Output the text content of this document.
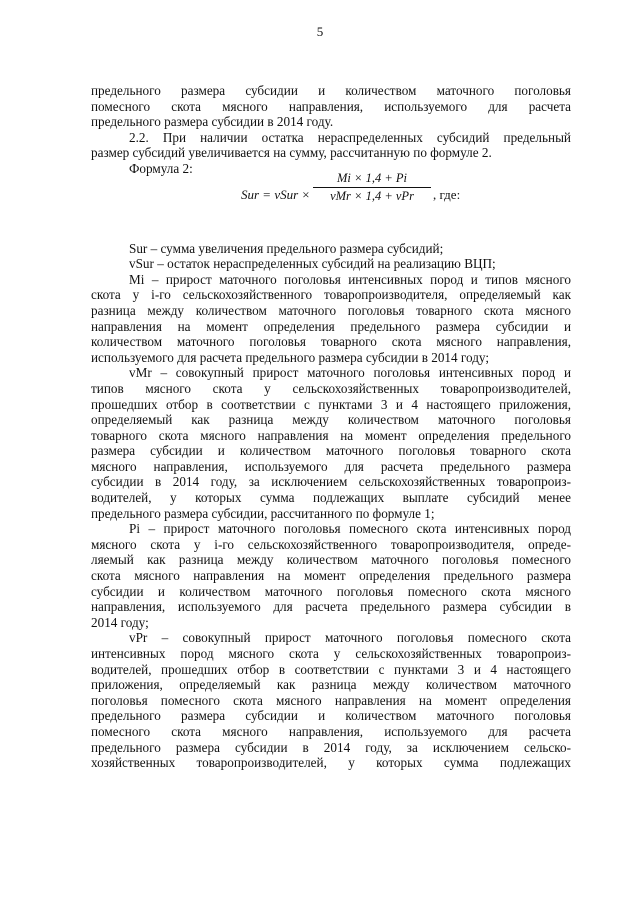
5

предельного размера субсидии и количеством маточного поголовья

помесного скота мясного направления, используемого для расчета

предельного размера субсидии в 2014 году.

2.2. При наличии остатка нераспределенных субсидий предельный

размер субсидий увеличивается на сумму, рассчитанную по формуле 2.

Формула 2:

Sur = vSur ×
Mi × 1,4 + Pi
vMr × 1,4 + vPr	, где:

Sur – сумма увеличения предельного размера субсидий;

vSur – остаток нераспределенных субсидий на реализацию ВЦП;

Mi – прирост маточного поголовья интенсивных пород и типов мясного

скота у i-го сельскохозяйственного товаропроизводителя, определяемый как

разница между количеством маточного поголовья товарного скота мясного

направления на момент определения предельного размера субсидии и

количеством маточного поголовья товарного скота мясного направления,

используемого для расчета предельного размера субсидии в 2014 году;

vMr – совокупный прирост маточного поголовья интенсивных пород и

типов мясного скота у сельскохозяйственных товаропроизводителей,

прошедших отбор в соответствии с пунктами 3 и 4 настоящего приложения,

определяемый как разница между количеством маточного поголовья

товарного скота мясного направления на момент определения предельного

размера субсидии и количеством маточного поголовья товарного скота

мясного направления, используемого для расчета предельного размера

субсидии в 2014 году, за исключением сельскохозяйственных товаропроиз-

водителей, у которых сумма подлежащих выплате субсидий менее

предельного размера субсидии, рассчитанного по формуле 1;

Pi – прирост маточного поголовья помесного скота интенсивных пород

мясного скота у i-го сельскохозяйственного товаропроизводителя, опреде-

ляемый как разница между количеством маточного поголовья помесного

скота мясного направления на момент определения предельного размера

субсидии и количеством маточного поголовья помесного скота мясного

направления, используемого для расчета предельного размера субсидии в

2014 году;

vPr – совокупный прирост маточного поголовья помесного скота

интенсивных пород мясного скота у сельскохозяйственных товаропроиз-

водителей, прошедших отбор в соответствии с пунктами 3 и 4 настоящего

приложения, определяемый как разница между количеством маточного

поголовья помесного скота мясного направления на момент определения

предельного размера субсидии и количеством маточного поголовья

помесного скота мясного направления, используемого для расчета

предельного размера субсидии в 2014 году, за исключением сельско-

хозяйственных товаропроизводителей, у которых сумма подлежащих
